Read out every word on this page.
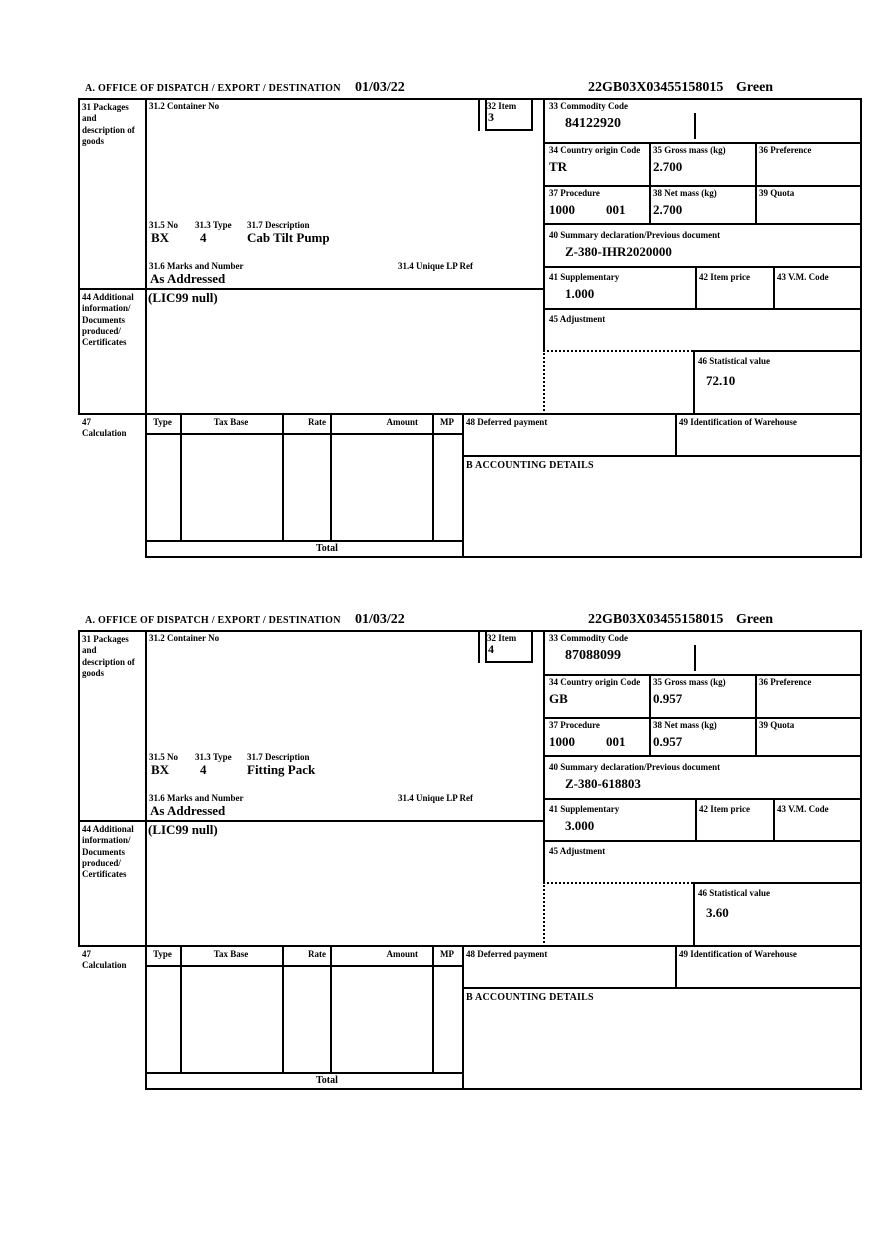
A. OFFICE OF DISPATCH / EXPORT / DESTINATION 01/03/22	22GB03X03455158015 Green
31 Packages and description of goods
31.2 Container No	32 Item
3
33 Commodity Code
84122920
34 Country origin Code
TR
35 Gross mass (kg)
2.700
36 Preference
37 Procedure
1000 001
38 Net mass (kg)
2.700
39 Quota
40 Summary declaration/Previous document
Z-380-IHR2020000
41 Supplementary
1.000
42 Item price	43 V.M. Code
45 Adjustment
46 Statistical value
72.10
31.5 No 31.3 Type 31.7 Description
BX 4	Cab Tilt Pump
31.6 Marks and Number	31.4 Unique LP Ref
As Addressed
44 Additional information/ Documents produced/ Certificates
(LIC99 null)
47 Calculation
Type	Tax Base	Rate	Amount	MP
Total
48 Deferred payment	49 Identification of Warehouse
B ACCOUNTING DETAILS
A. OFFICE OF DISPATCH / EXPORT / DESTINATION 01/03/22	22GB03X03455158015 Green
31 Packages and description of goods
31.2 Container No	32 Item
4
33 Commodity Code
87088099
34 Country origin Code
GB
35 Gross mass (kg)
0.957
36 Preference
37 Procedure
1000 001
38 Net mass (kg)
0.957
39 Quota
40 Summary declaration/Previous document
Z-380-618803
41 Supplementary
3.000
42 Item price	43 V.M. Code
45 Adjustment
46 Statistical value
3.60
31.5 No 31.3 Type 31.7 Description
BX 4	Fitting Pack
31.6 Marks and Number	31.4 Unique LP Ref
As Addressed
44 Additional information/ Documents produced/ Certificates
(LIC99 null)
47 Calculation
Type	Tax Base	Rate	Amount	MP
Total
48 Deferred payment	49 Identification of Warehouse
B ACCOUNTING DETAILS
